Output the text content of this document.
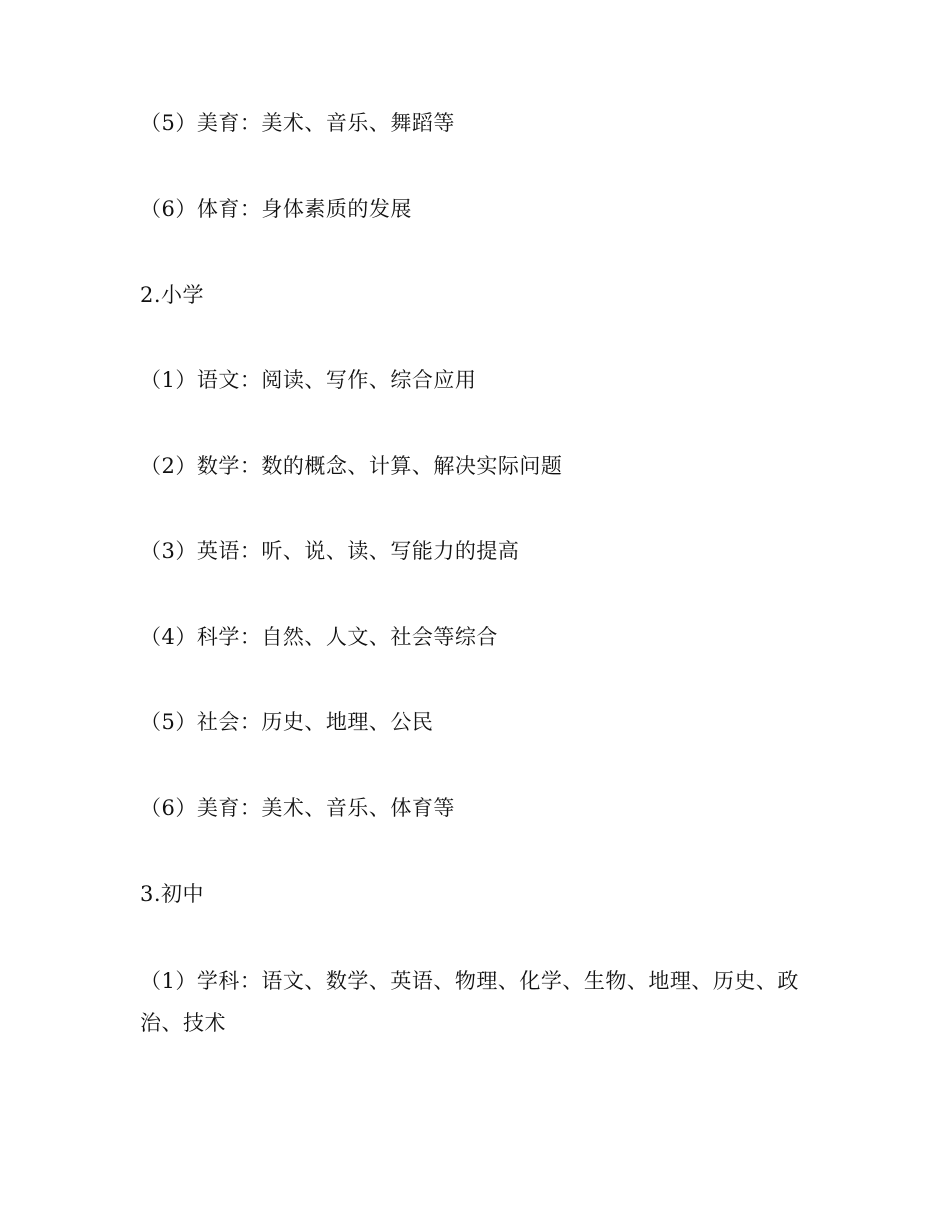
（5）美育：美术、音乐、舞蹈等
（6）体育：身体素质的发展
2.小学
（1）语文：阅读、写作、综合应用
（2）数学：数的概念、计算、解决实际问题
（3）英语：听、说、读、写能力的提高
（4）科学：自然、人文、社会等综合
（5）社会：历史、地理、公民
（6）美育：美术、音乐、体育等
3.初中
（1）学科：语文、数学、英语、物理、化学、生物、地理、历史、政治、技术
